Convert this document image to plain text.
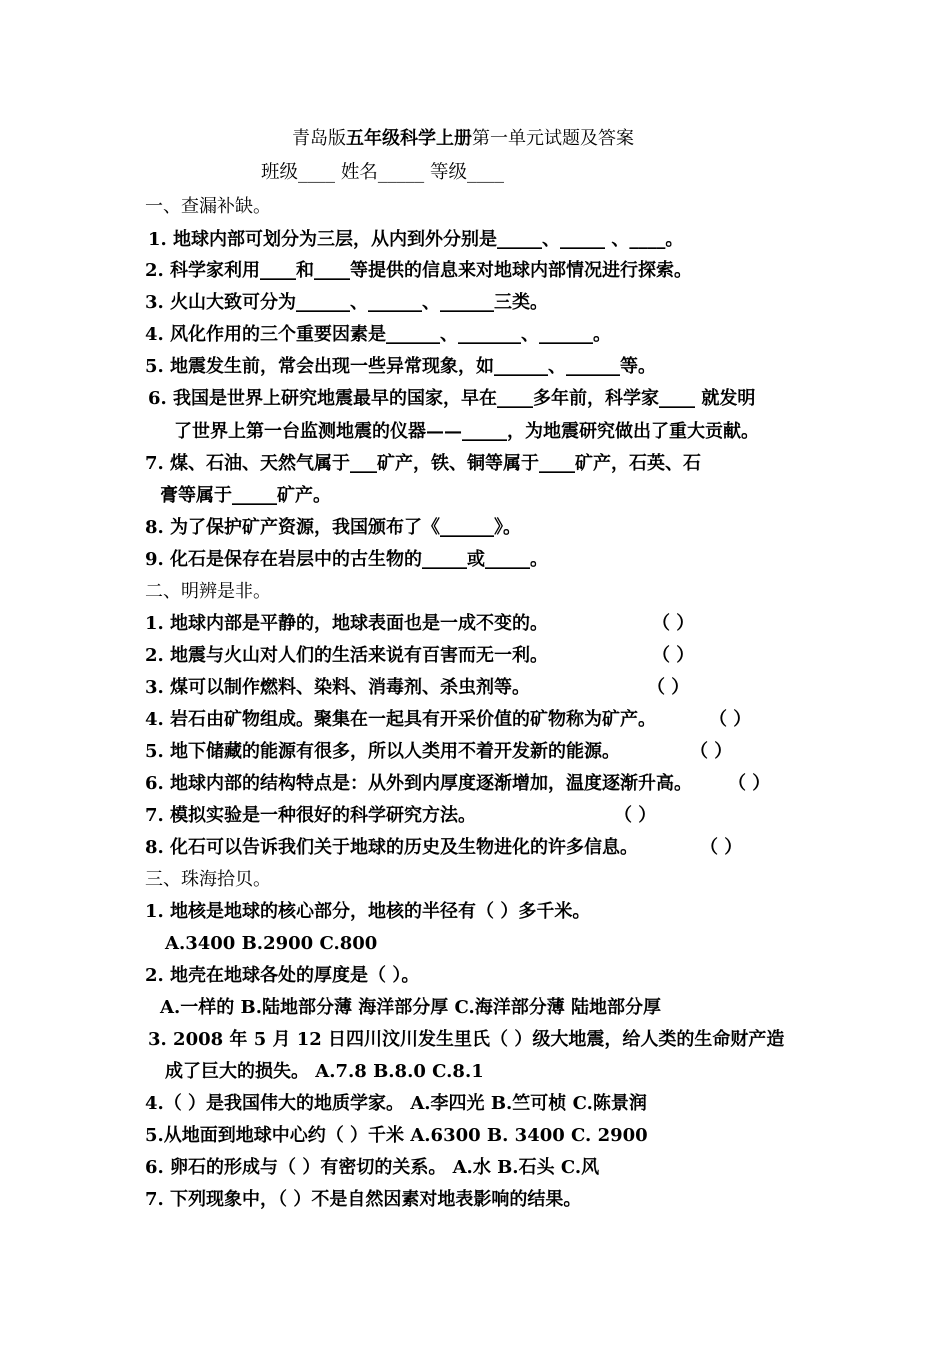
青岛版五年级科学上册第一单元试题及答案
班级____ 姓名_____ 等级____
一、查漏补缺。
1. 地球内部可划分为三层，从内到外分别是_____、_____ 、____。
2. 科学家利用____和____等提供的信息来对地球内部情况进行探索。
3. 火山大致可分为______、______、______三类。
4. 风化作用的三个重要因素是______、_______、______。
5. 地震发生前，常会出现一些异常现象，如______、______等。
6. 我国是世界上研究地震最早的国家，早在____多年前，科学家____ 就发明
了世界上第一台监测地震的仪器——_____，为地震研究做出了重大贡献。
7. 煤、石油、天然气属于___矿产，铁、铜等属于____矿产，石英、石
膏等属于_____矿产。
8. 为了保护矿产资源，我国颁布了《______》。
9. 化石是保存在岩层中的古生物的_____或_____。
二、明辨是非。
1. 地球内部是平静的，地球表面也是一成不变的。	（ ）
2. 地震与火山对人们的生活来说有百害而无一利。	（ ）
3. 煤可以制作燃料、染料、消毒剂、杀虫剂等。	（ ）
4. 岩石由矿物组成。聚集在一起具有开采价值的矿物称为矿产。	（ ）
5. 地下储藏的能源有很多，所以人类用不着开发新的能源。	（ ）
6. 地球内部的结构特点是：从外到内厚度逐渐增加，温度逐渐升高。 （ ）
7. 模拟实验是一种很好的科学研究方法。	（ ）
8. 化石可以告诉我们关于地球的历史及生物进化的许多信息。	（ ）
三、珠海拾贝。
1. 地核是地球的核心部分，地核的半径有（ ）多千米。
A.3400 B.2900 C.800
2. 地壳在地球各处的厚度是（ ）。
A.一样的 B.陆地部分薄 海洋部分厚 C.海洋部分薄 陆地部分厚
3. 2008 年 5 月 12 日四川汶川发生里氏（ ）级大地震，给人类的生命财产造
成了巨大的损失。 A.7.8 B.8.0 C.8.1
4.（ ）是我国伟大的地质学家。 A.李四光 B.竺可桢 C.陈景润
5.从地面到地球中心约（ ）千米 A.6300 B. 3400 C. 2900
6. 卵石的形成与（ ）有密切的关系。 A.水 B.石头 C.风
7. 下列现象中，（ ）不是自然因素对地表影响的结果。
